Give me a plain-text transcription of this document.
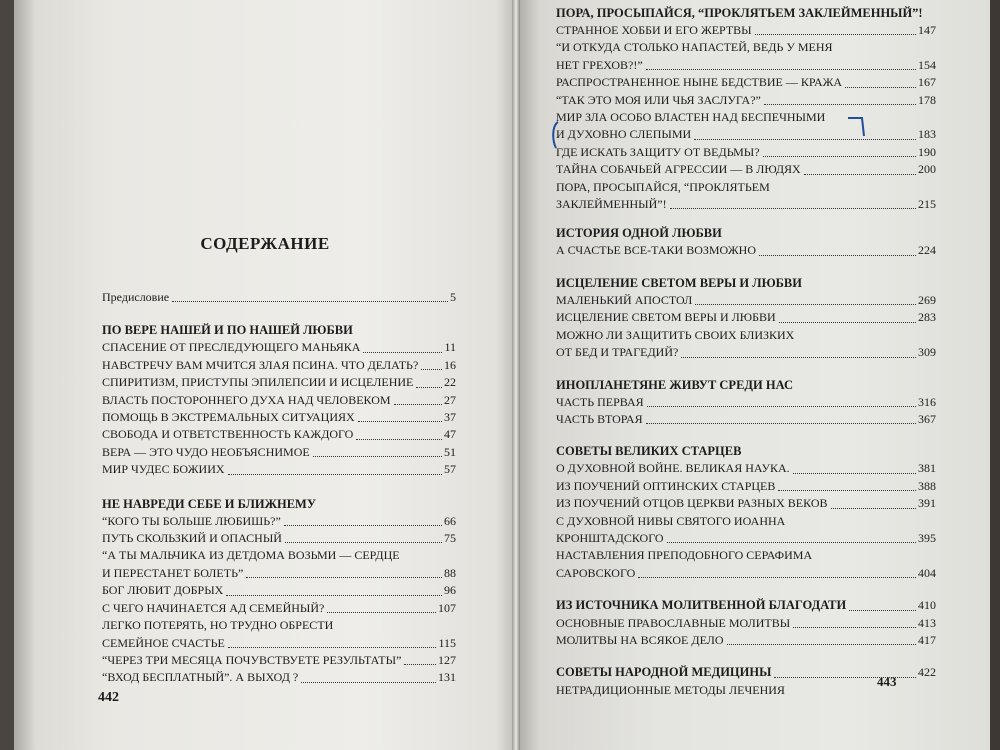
СОДЕРЖАНИЕ
Предисловие	5
ПО ВЕРЕ НАШЕЙ И ПО НАШЕЙ ЛЮБВИ
СПАСЕНИЕ ОТ ПРЕСЛЕДУЮЩЕГО МАНЬЯКА	11
НАВСТРЕЧУ ВАМ МЧИТСЯ ЗЛАЯ ПСИНА. ЧТО ДЕЛАТЬ? 16
СПИРИТИЗМ, ПРИСТУПЫ ЭПИЛЕПСИИ И ИСЦЕЛЕНИЕ	22
ВЛАСТЬ ПОСТОРОННЕГО ДУХА НАД ЧЕЛОВЕКОМ	27
ПОМОЩЬ В ЭКСТРЕМАЛЬНЫХ СИТУАЦИЯХ	37
СВОБОДА И ОТВЕТСТВЕННОСТЬ КАЖДОГО	47
ВЕРА — ЭТО ЧУДО НЕОБЪЯСНИМОЕ	51
МИР ЧУДЕС БОЖИИХ	57
НЕ НАВРЕДИ СЕБЕ И БЛИЖНЕМУ
“КОГО ТЫ БОЛЬШЕ ЛЮБИШЬ?”	66
ПУТЬ СКОЛЬЗКИЙ И ОПАСНЫЙ	75
“А ТЫ МАЛЬЧИКА ИЗ ДЕТДОМА ВОЗЬМИ — СЕРДЦЕ
И ПЕРЕСТАНЕТ БОЛЕТЬ”	88
БОГ ЛЮБИТ ДОБРЫХ	96
С ЧЕГО НАЧИНАЕТСЯ АД СЕМЕЙНЫЙ?	107
ЛЕГКО ПОТЕРЯТЬ, НО ТРУДНО ОБРЕСТИ
СЕМЕЙНОЕ СЧАСТЬЕ	115
“ЧЕРЕЗ ТРИ МЕСЯЦА ПОЧУВСТВУЕТЕ РЕЗУЛЬТАТЫ”	127
“ВХОД БЕСПЛАТНЫЙ”. А ВЫХОД ?	131
442
ПОРА, ПРОСЫПАЙСЯ, “ПРОКЛЯТЬЕМ ЗАКЛЕЙМЕННЫЙ”!
СТРАННОЕ ХОББИ И ЕГО ЖЕРТВЫ	147
“И ОТКУДА СТОЛЬКО НАПАСТЕЙ, ВЕДЬ У МЕНЯ
НЕТ ГРЕХОВ?!”	154
РАСПРОСТРАНЕННОЕ НЫНЕ БЕДСТВИЕ — КРАЖА	167
“ТАК ЭТО МОЯ ИЛИ ЧЬЯ ЗАСЛУГА?”	178
МИР ЗЛА ОСОБО ВЛАСТЕН НАД БЕСПЕЧНЫМИ
И ДУХОВНО СЛЕПЫМИ	183
ГДЕ ИСКАТЬ ЗАЩИТУ ОТ ВЕДЬМЫ?	190
ТАЙНА СОБАЧЬЕЙ АГРЕССИИ — В ЛЮДЯХ	200
ПОРА, ПРОСЫПАЙСЯ, “ПРОКЛЯТЬЕМ
ЗАКЛЕЙМЕННЫЙ”!	215
ИСТОРИЯ ОДНОЙ ЛЮБВИ
А СЧАСТЬЕ ВСЕ-ТАКИ ВОЗМОЖНО	224
ИСЦЕЛЕНИЕ СВЕТОМ ВЕРЫ И ЛЮБВИ
МАЛЕНЬКИЙ АПОСТОЛ	269
ИСЦЕЛЕНИЕ СВЕТОМ ВЕРЫ И ЛЮБВИ	283
МОЖНО ЛИ ЗАЩИТИТЬ СВОИХ БЛИЗКИХ
ОТ БЕД И ТРАГЕДИЙ?	309
ИНОПЛАНЕТЯНЕ ЖИВУТ СРЕДИ НАС
ЧАСТЬ ПЕРВАЯ	316
ЧАСТЬ ВТОРАЯ	367
СОВЕТЫ ВЕЛИКИХ СТАРЦЕВ
О ДУХОВНОЙ ВОЙНЕ. ВЕЛИКАЯ НАУКА.	381
ИЗ ПОУЧЕНИЙ ОПТИНСКИХ СТАРЦЕВ	388
ИЗ ПОУЧЕНИЙ ОТЦОВ ЦЕРКВИ РАЗНЫХ ВЕКОВ	391
С ДУХОВНОЙ НИВЫ СВЯТОГО ИОАННА
КРОНШТАДСКОГО	395
НАСТАВЛЕНИЯ ПРЕПОДОБНОГО СЕРАФИМА
САРОВСКОГО	404
ИЗ ИСТОЧНИКА МОЛИТВЕННОЙ БЛАГОДАТИ	410
ОСНОВНЫЕ ПРАВОСЛАВНЫЕ МОЛИТВЫ	413
МОЛИТВЫ НА ВСЯКОЕ ДЕЛО	417
СОВЕТЫ НАРОДНОЙ МЕДИЦИНЫ	422
НЕТРАДИЦИОННЫЕ МЕТОДЫ ЛЕЧЕНИЯ
443
